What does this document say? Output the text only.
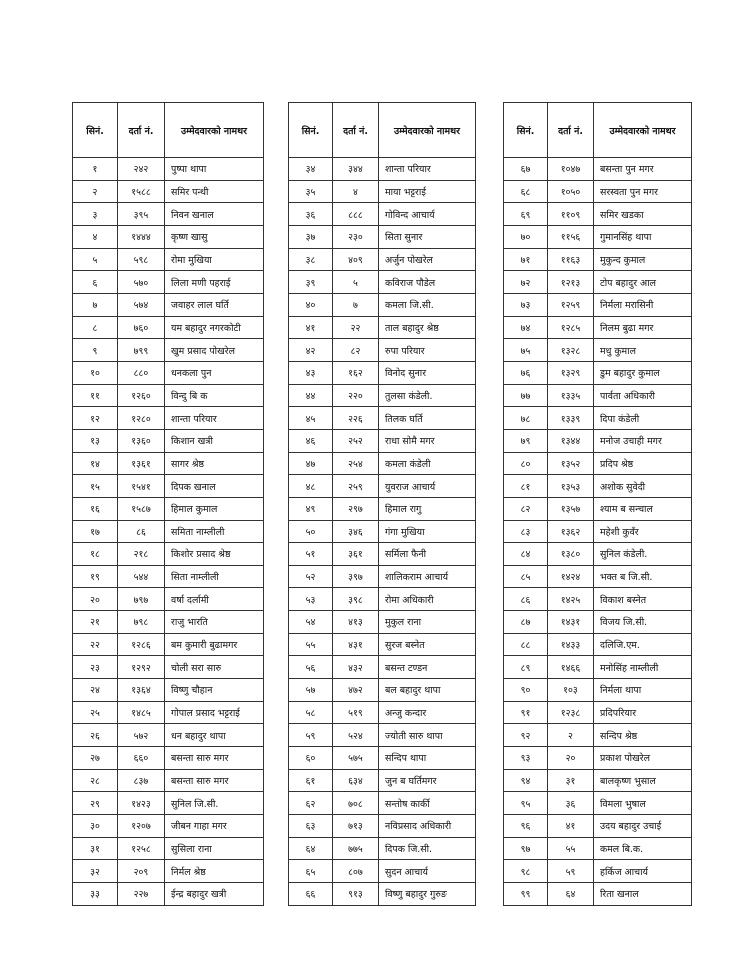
सिनं.	दर्ता नं.	उम्मेदवारको नामथर
१	२४२	पुष्पा थापा
२	१५८८	समिर पन्थी
३	३९५	निवन खनाल
४	१४४४	कृष्ण खासु
५	५९८	रोमा मुखिया
६	५७०	लिला मणी पहराई
७	५७४	जवाहर लाल घर्ति
८	७६०	यम बहादुर नगरकोटी
९	७९९	खुम प्रसाद पोखरेल
१०	८८०	धनकला पुन
११	१२६०	विन्दु बि क
१२	१२८०	शान्ता परियार
१३	१३६०	किशान खत्री
१४	१३६१	सागर श्रेष्ठ
१५	१५४१	दिपक खनाल
१६	१५८७	हिमाल कुमाल
१७	८६	समिता नाम्लीली
१८	२१८	किशोर प्रसाद श्रेष्ठ
१९	५४४	सिता नाम्लीली
२०	७९७	वर्षा दर्लामी
२१	७९८	राजु भारति
२२	१२८६	बम कुमारी बुढामगर
२३	१२९२	चोली सरा सारु
२४	१३६४	विष्णु चौहान
२५	१४८५	गोपाल प्रसाद भट्टराई
२६	५७२	धन बहादुर थापा
२७	६६०	बसन्ता सारु मगर
२८	८३७	बसन्ता सारु मगर
२९	१४२३	सुनिल जि.सी.
३०	१२०७	जीबन गाहा मगर
३१	१२५८	सुसिला राना
३२	२०९	निर्मल श्रेष्ठ
३३	२२७	ईन्द्र बहादुर खत्री
सिनं.	दर्ता नं.	उम्मेदवारको नामथर
३४	३४४	शान्ता परियार
३५	४	माया भट्टराई
३६	८८८	गोविन्द आचार्य
३७	२३०	सिता सुनार
३८	४०९	अर्जुन पोखरेल
३९	५	कविराज पौडेल
४०	७	कमला जि.सी.
४१	२२	ताल बहादुर श्रेष्ठ
४२	८२	रुपा परियार
४३	१६२	विनोद सुनार
४४	२२०	तुलसा कंडेली.
४५	२२६	तिलक घर्ति
४६	२५२	राधा सोमै मगर
४७	२५४	कमला कंडेली
४८	२५९	युवराज आचार्य
४९	२९७	हिमाल रागु
५०	३४६	गंगा मुखिया
५१	३६१	सर्मिला फैनी
५२	३९७	शालिकराम आचार्य
५३	३९८	रोमा अधिकारी
५४	४१३	मुकुल राना
५५	४३१	सुरज बस्नेत
५६	४३२	बसन्त टण्डन
५७	४७२	बल बहादुर थापा
५८	५१९	अन्जु कन्दार
५९	५२४	ज्योती सारु थापा
६०	५७५	सन्दिप थापा
६१	६३४	जुन ब घर्तिमगर
६२	७०८	सन्तोष कार्की
६३	७१३	नविप्रसाद अधिकारी
६४	७७५	दिपक जि.सी.
६५	८०७	सुदन आचार्य
६६	९१३	विष्णु बहादुर गुरुङ
सिनं.	दर्ता नं.	उम्मेदवारको नामथर
६७	१०४७	बसन्ता पुन मगर
६८	१०५०	सरस्वता पुन मगर
६९	११०९	समिर खडका
७०	११५६	गुमानसिंह थापा
७१	११६३	मुकुन्द कुमाल
७२	१२१३	टोप बहादुर आल
७३	१२५९	निर्मला मरासिनी
७४	१२८५	निलम बुढा मगर
७५	१३२८	मधु कुमाल
७६	१३२९	डुम बहादुर कुमाल
७७	१३३५	पार्वता अधिकारी
७८	१३३९	दिपा कंडेली
७९	१३४४	मनोज उचाही मगर
८०	१३५२	प्रदिप श्रेष्ठ
८१	१३५३	अशोक सुवेदी
८२	१३५७	श्याम ब सन्चाल
८३	१३६२	महेशी कुवँर
८४	१३८०	सुनिल कंडेली.
८५	१४२४	भक्त ब जि.सी.
८६	१४२५	विकाश बस्नेत
८७	१४३१	विजय जि.सी.
८८	१४३३	दलिजि.एम.
८९	१४६६	मनोसिंह नाम्लीली
९०	१०३	निर्मला थापा
९१	१२३८	प्रदिपरियार
९२	२	सन्दिप श्रेष्ठ
९३	२०	प्रकाश पोखरेल
९४	३१	बालकृष्ण भुसाल
९५	३६	विमला भुषाल
९६	४१	उदय बहादुर उचाई
९७	५५	कमल बि.क.
९८	५९	हर्किज आचार्य
९९	६४	रिता खनाल
